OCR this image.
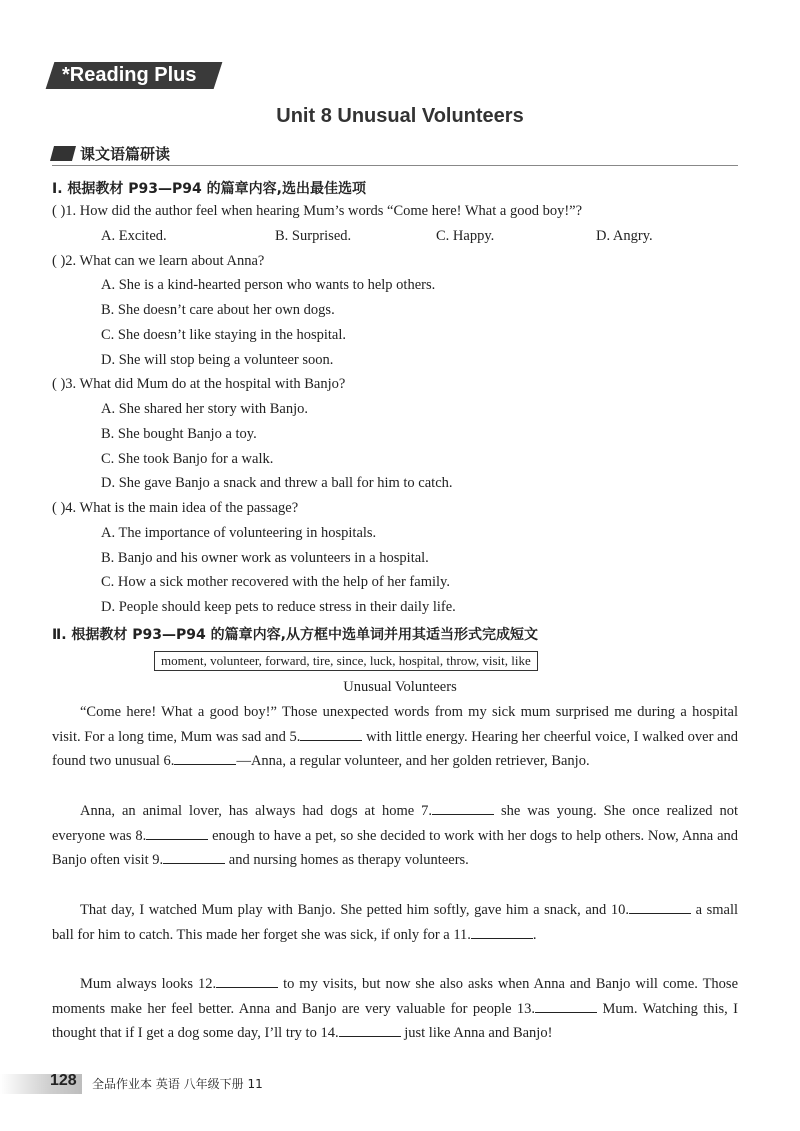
*Reading Plus
Unit 8 Unusual Volunteers
课文语篇研读
Ⅰ. 根据教材 P93—P94 的篇章内容,选出最佳选项
( )1. How did the author feel when hearing Mum’s words “Come here! What a good boy!”?
A. Excited.	B. Surprised.	C. Happy.	D. Angry.
( )2. What can we learn about Anna?
A. She is a kind-hearted person who wants to help others.
B. She doesn’t care about her own dogs.
C. She doesn’t like staying in the hospital.
D. She will stop being a volunteer soon.
( )3. What did Mum do at the hospital with Banjo?
A. She shared her story with Banjo.
B. She bought Banjo a toy.
C. She took Banjo for a walk.
D. She gave Banjo a snack and threw a ball for him to catch.
( )4. What is the main idea of the passage?
A. The importance of volunteering in hospitals.
B. Banjo and his owner work as volunteers in a hospital.
C. How a sick mother recovered with the help of her family.
D. People should keep pets to reduce stress in their daily life.
Ⅱ. 根据教材 P93—P94 的篇章内容,从方框中选单词并用其适当形式完成短文
moment, volunteer, forward, tire, since, luck, hospital, throw, visit, like
Unusual Volunteers
“Come here! What a good boy!” Those unexpected words from my sick mum surprised me during a hospital visit. For a long time, Mum was sad and 5.	with little energy. Hearing her cheerful voice, I walked over and found two unusual 6.	—Anna, a regular volunteer, and her golden retriever, Banjo.
Anna, an animal lover, has always had dogs at home 7.	she was young. She once realized not everyone was 8.	enough to have a pet, so she decided to work with her dogs to help others. Now, Anna and Banjo often visit 9.	and nursing homes as therapy volunteers.
That day, I watched Mum play with Banjo. She petted him softly, gave him a snack, and 10.	a small ball for him to catch. This made her forget she was sick, if only for a 11.	.
Mum always looks 12.	to my visits, but now she also asks when Anna and Banjo will come. Those moments make her feel better. Anna and Banjo are very valuable for people 13.	Mum. Watching this, I thought that if I get a dog some day, I’ll try to 14.	just like Anna and Banjo!
128 全品作业本 英语 八年级下册 11
